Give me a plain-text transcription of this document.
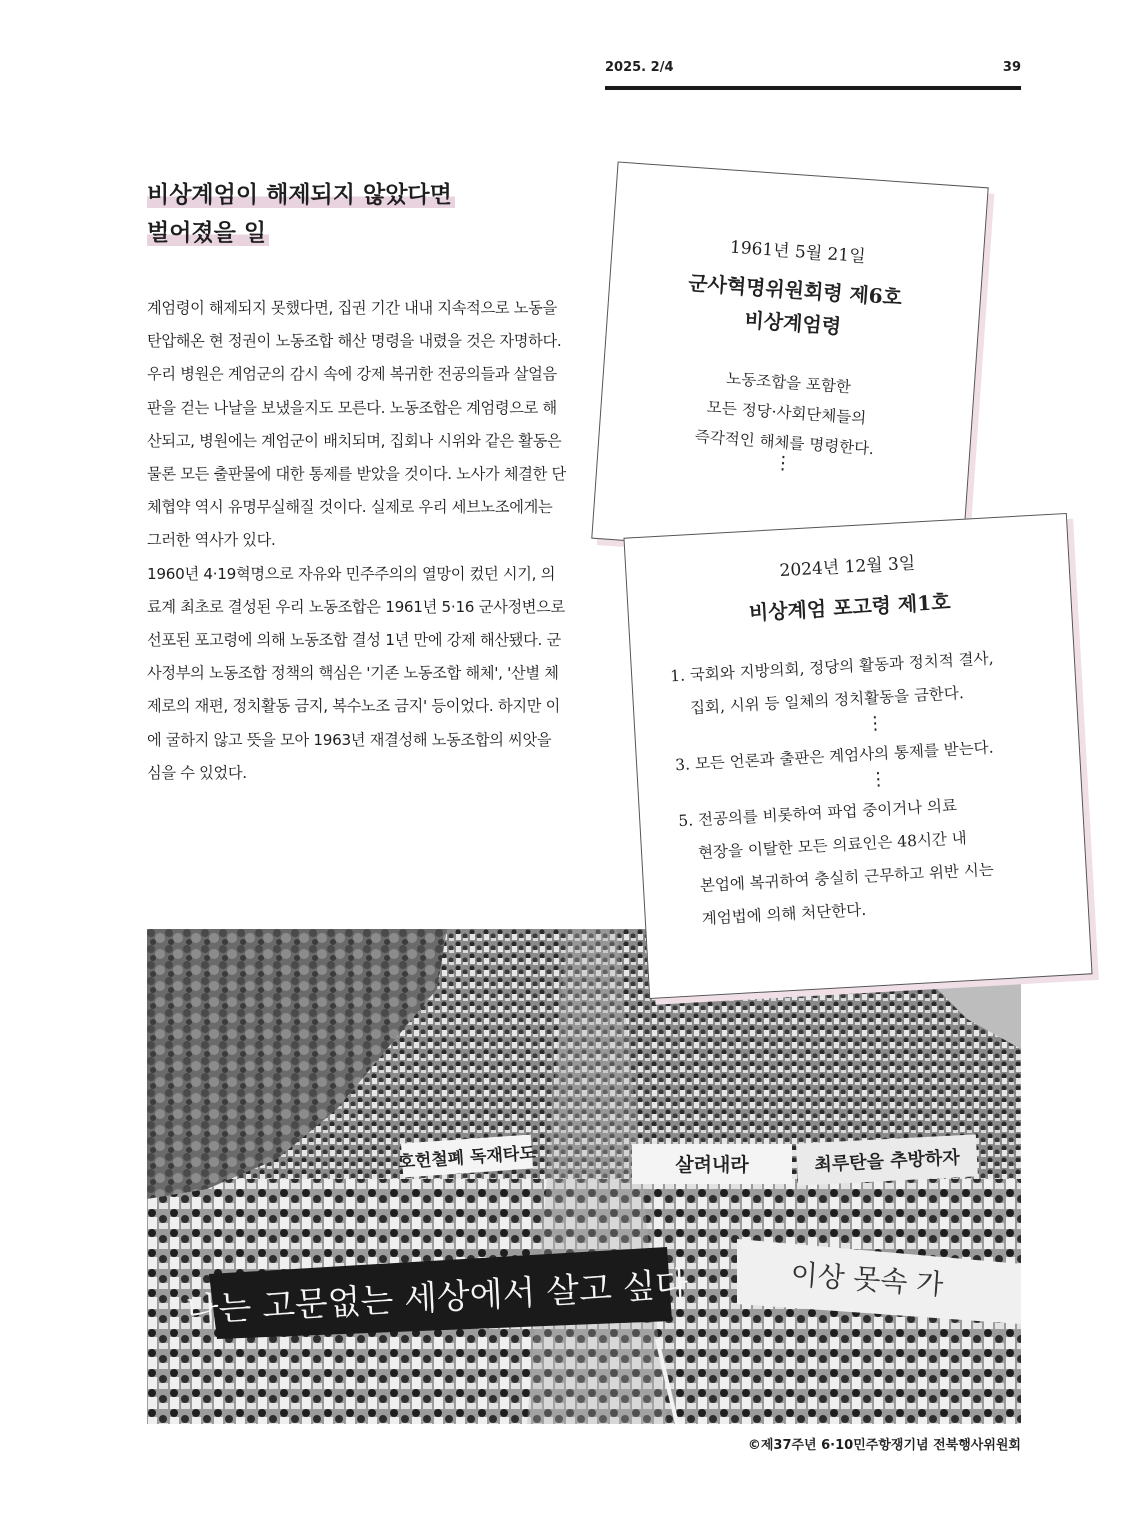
2025. 2/4	39
비상계엄이 해제되지 않았다면
벌어졌을 일

계엄령이 해제되지 못했다면, 집권 기간 내내 지속적으로 노동을 탄압해온 현 정권이 노동조합 해산 명령을 내렸을 것은 자명하다. 우리 병원은 계엄군의 감시 속에 강제 복귀한 전공의들과 살얼음판을 걷는 나날을 보냈을지도 모른다. 노동조합은 계엄령으로 해산되고, 병원에는 계엄군이 배치되며, 집회나 시위와 같은 활동은 물론 모든 출판물에 대한 통제를 받았을 것이다. 노사가 체결한 단체협약 역시 유명무실해질 것이다. 실제로 우리 세브노조에게는 그러한 역사가 있다.

1960년 4·19혁명으로 자유와 민주주의의 열망이 컸던 시기, 의료계 최초로 결성된 우리 노동조합은 1961년 5·16 군사정변으로 선포된 포고령에 의해 노동조합 결성 1년 만에 강제 해산됐다. 군사정부의 노동조합 정책의 핵심은 '기존 노동조합 해체', '산별 체제로의 재편, 정치활동 금지, 복수노조 금지' 등이었다. 하지만 이에 굴하지 않고 뜻을 모아 1963년 재결성해 노동조합의 씨앗을 심을 수 있었다.

1961년 5월 21일
군사혁명위원회령 제6호
비상계엄령
노동조합을 포함한
모든 정당·사회단체들의
즉각적인 해체를 명령한다.
⋮
호헌철폐 독재타도	살려내라	최루탄을 추방하자
나는 고문없는 세상에서 살고 싶다	이상 못속 가
2024년 12월 3일
비상계엄 포고령 제1호
1. 국회와 지방의회, 정당의 활동과 정치적 결사,
집회, 시위 등 일체의 정치활동을 금한다.
⋮
3. 모든 언론과 출판은 계엄사의 통제를 받는다.
⋮
5. 전공의를 비롯하여 파업 중이거나 의료
현장을 이탈한 모든 의료인은 48시간 내
본업에 복귀하여 충실히 근무하고 위반 시는
계엄법에 의해 처단한다.
©제37주년 6·10민주항쟁기념 전북행사위원회
